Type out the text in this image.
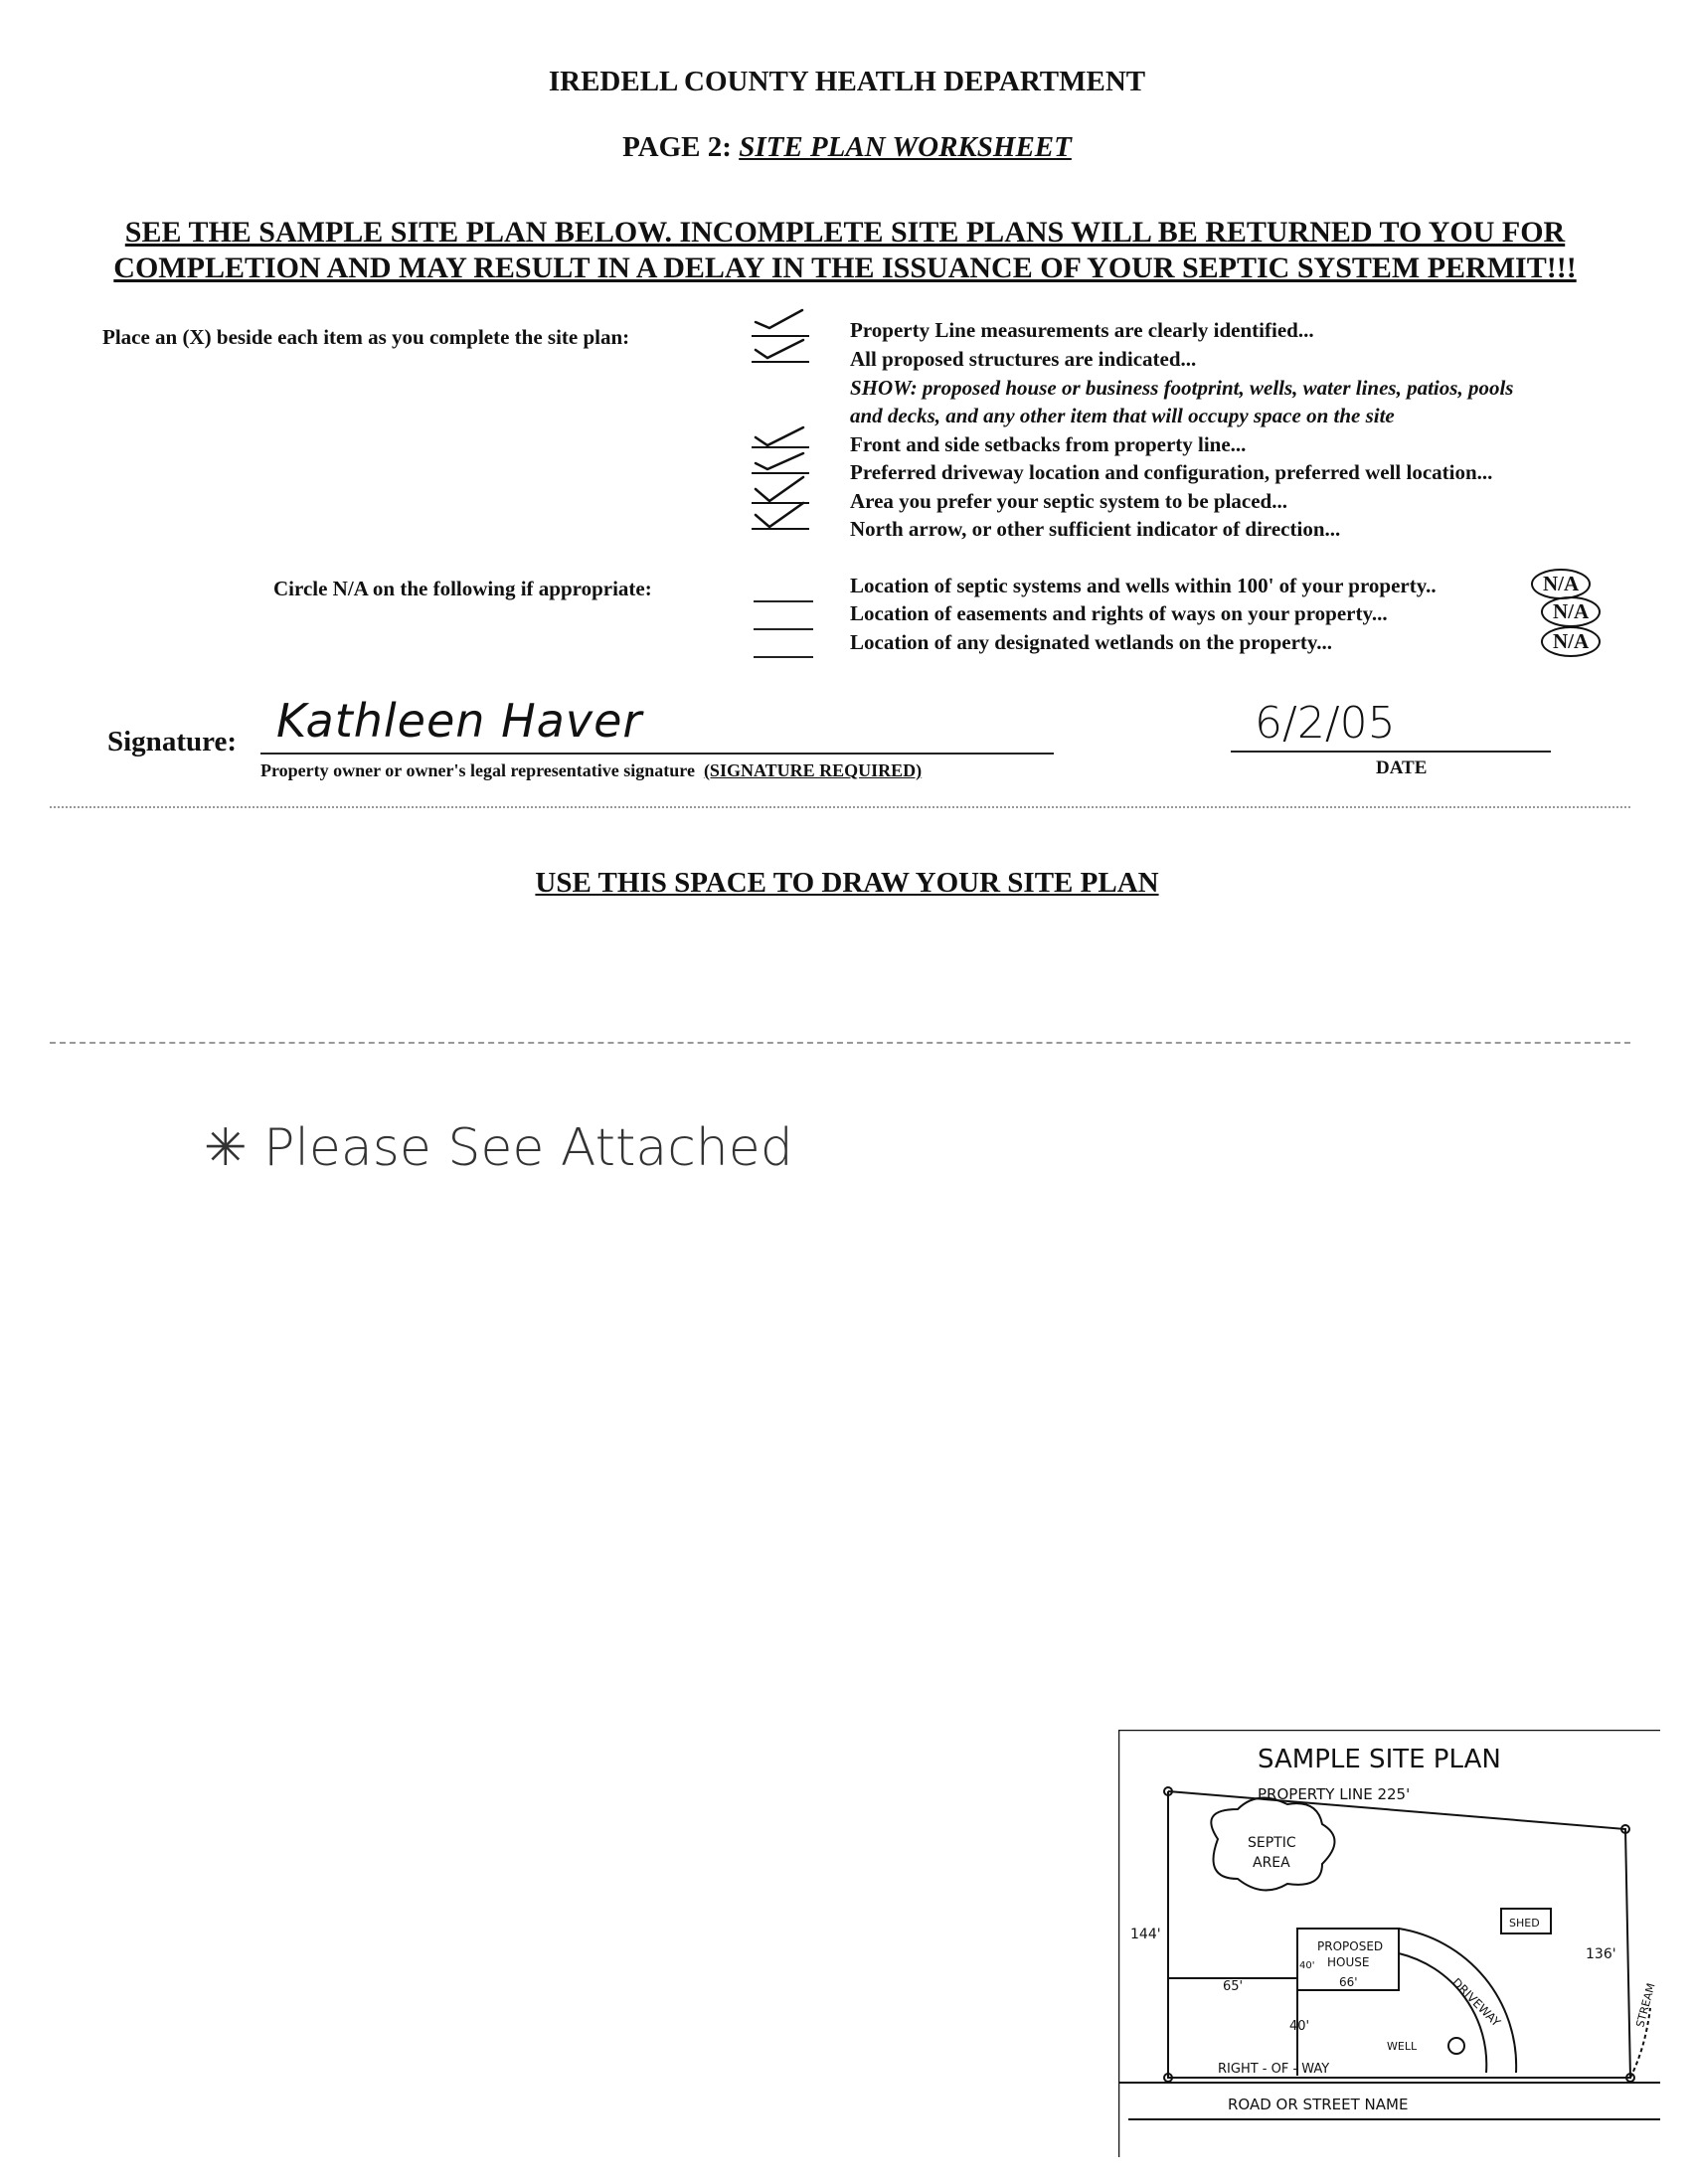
IREDELL COUNTY HEATLH DEPARTMENT
PAGE 2: SITE PLAN WORKSHEET
SEE THE SAMPLE SITE PLAN BELOW. INCOMPLETE SITE PLANS WILL BE RETURNED TO YOU FOR
COMPLETION AND MAY RESULT IN A DELAY IN THE ISSUANCE OF YOUR SEPTIC SYSTEM PERMIT!!!
Place an (X) beside each item as you complete the site plan:	Property Line measurements are clearly identified...
All proposed structures are indicated...
SHOW: proposed house or business footprint, wells, water lines, patios, pools
and decks, and any other item that will occupy space on the site
Front and side setbacks from property line...
Preferred driveway location and configuration, preferred well location...
Area you prefer your septic system to be placed...
North arrow, or other sufficient indicator of direction...
Circle N/A on the following if appropriate:	Location of septic systems and wells within 100' of your property..
Location of easements and rights of ways on your property...
Location of any designated wetlands on the property...
N/A
N/A
N/A
Signature: Kathleen Haver
Property owner or owner's legal representative signature (SIGNATURE REQUIRED)
6/2/05
DATE
USE THIS SPACE TO DRAW YOUR SITE PLAN
✳ Please See Attached
SAMPLE SITE PLAN
PROPERTY LINE 225'
SEPTIC
AREA
SHED
144'
136'
PROPOSED
HOUSE
66'
40'
65'
40'	DRIVEWAY
WELL
RIGHT - OF - WAY
ROAD OR STREET NAME
STREAM
